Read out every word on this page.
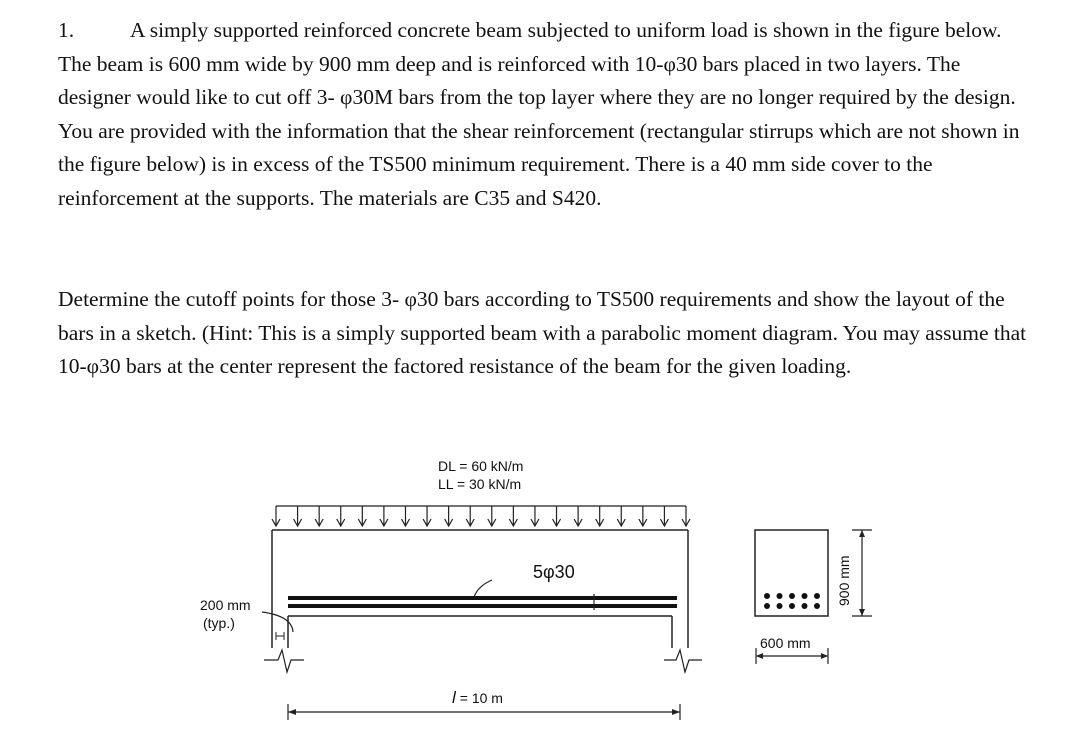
1.	A simply supported reinforced concrete beam subjected to uniform load is shown in the figure below. The beam is 600 mm wide by 900 mm deep and is reinforced with 10-φ30 bars placed in two layers. The designer would like to cut off 3- φ30M bars from the top layer where they are no longer required by the design. You are provided with the information that the shear reinforcement (rectangular stirrups which are not shown in the figure below) is in excess of the TS500 minimum requirement. There is a 40 mm side cover to the reinforcement at the supports. The materials are C35 and S420.

Determine the cutoff points for those 3- φ30 bars according to TS500 requirements and show the layout of the bars in a sketch. (Hint: This is a simply supported beam with a parabolic moment diagram. You may assume that 10-φ30 bars at the center represent the factored resistance of the beam for the given loading.

DL = 60 kN/m
LL = 30 kN/m
5φ30
200 mm
(typ.)
l = 10 m
600 mm
900 mm
